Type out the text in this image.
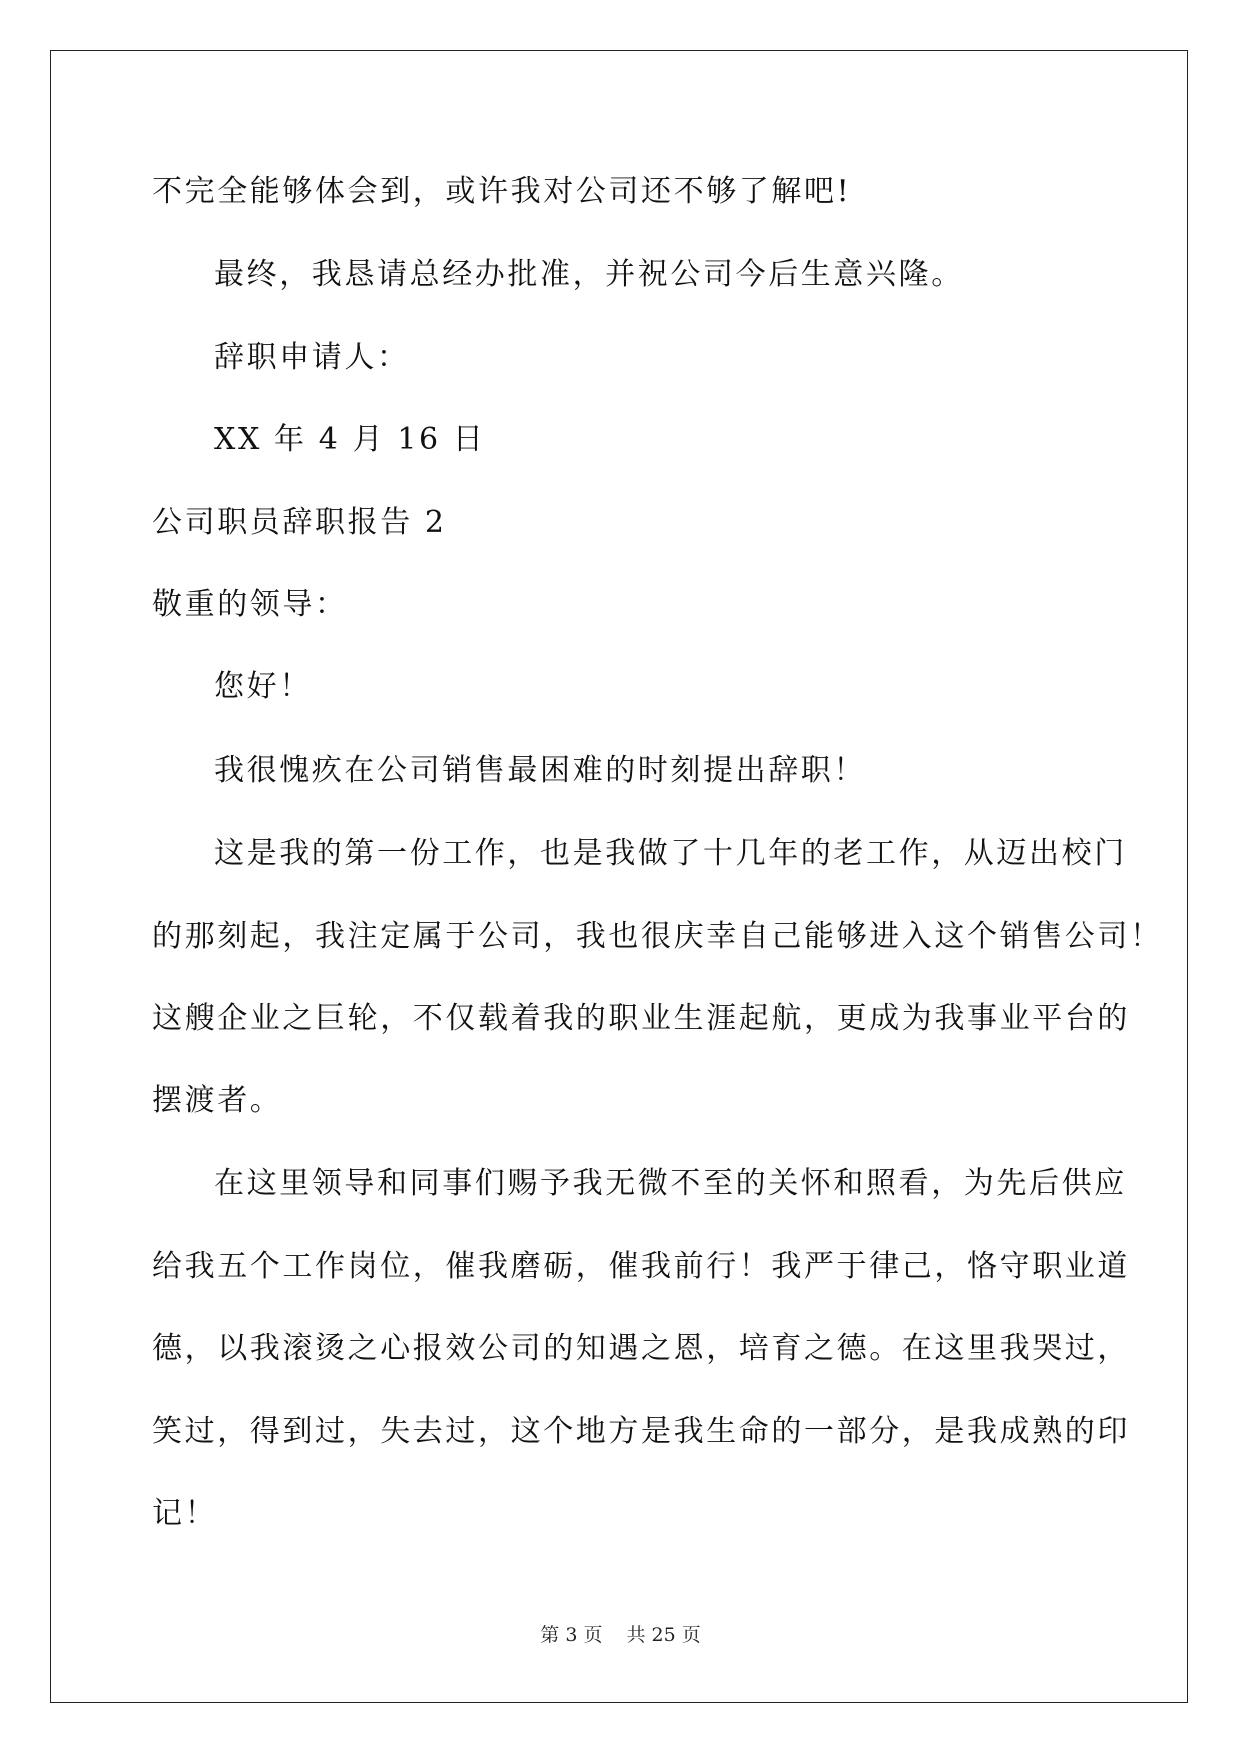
不完全能够体会到，或许我对公司还不够了解吧!

最终，我恳请总经办批准，并祝公司今后生意兴隆。

辞职申请人：

XX 年 4 月 16 日

公司职员辞职报告 2

敬重的领导：

您好！

我很愧疚在公司销售最困难的时刻提出辞职！

这是我的第一份工作，也是我做了十几年的老工作，从迈出校门

的那刻起，我注定属于公司，我也很庆幸自己能够进入这个销售公司！

这艘企业之巨轮，不仅载着我的职业生涯起航，更成为我事业平台的

摆渡者。

在这里领导和同事们赐予我无微不至的关怀和照看，为先后供应

给我五个工作岗位，催我磨砺，催我前行！我严于律己，恪守职业道

德，以我滚烫之心报效公司的知遇之恩，培育之德。在这里我哭过，

笑过，得到过，失去过，这个地方是我生命的一部分，是我成熟的印

记！

第 3 页 共 25 页
